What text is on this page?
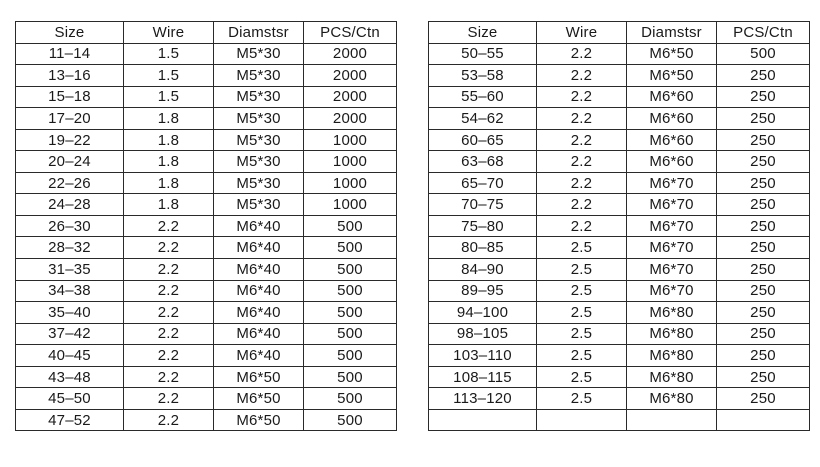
Size	Wire	Diamstsr	PCS/Ctn
11–14	1.5	M5*30	2000
13–16	1.5	M5*30	2000
15–18	1.5	M5*30	2000
17–20	1.8	M5*30	2000
19–22	1.8	M5*30	1000
20–24	1.8	M5*30	1000
22–26	1.8	M5*30	1000
24–28	1.8	M5*30	1000
26–30	2.2	M6*40	500
28–32	2.2	M6*40	500
31–35	2.2	M6*40	500
34–38	2.2	M6*40	500
35–40	2.2	M6*40	500
37–42	2.2	M6*40	500
40–45	2.2	M6*40	500
43–48	2.2	M6*50	500
45–50	2.2	M6*50	500
47–52	2.2	M6*50	500
Size	Wire	Diamstsr	PCS/Ctn
50–55	2.2	M6*50	500
53–58	2.2	M6*50	250
55–60	2.2	M6*60	250
54–62	2.2	M6*60	250
60–65	2.2	M6*60	250
63–68	2.2	M6*60	250
65–70	2.2	M6*70	250
70–75	2.2	M6*70	250
75–80	2.2	M6*70	250
80–85	2.5	M6*70	250
84–90	2.5	M6*70	250
89–95	2.5	M6*70	250
94–100	2.5	M6*80	250
98–105	2.5	M6*80	250
103–110	2.5	M6*80	250
108–115	2.5	M6*80	250
113–120	2.5	M6*80	250
